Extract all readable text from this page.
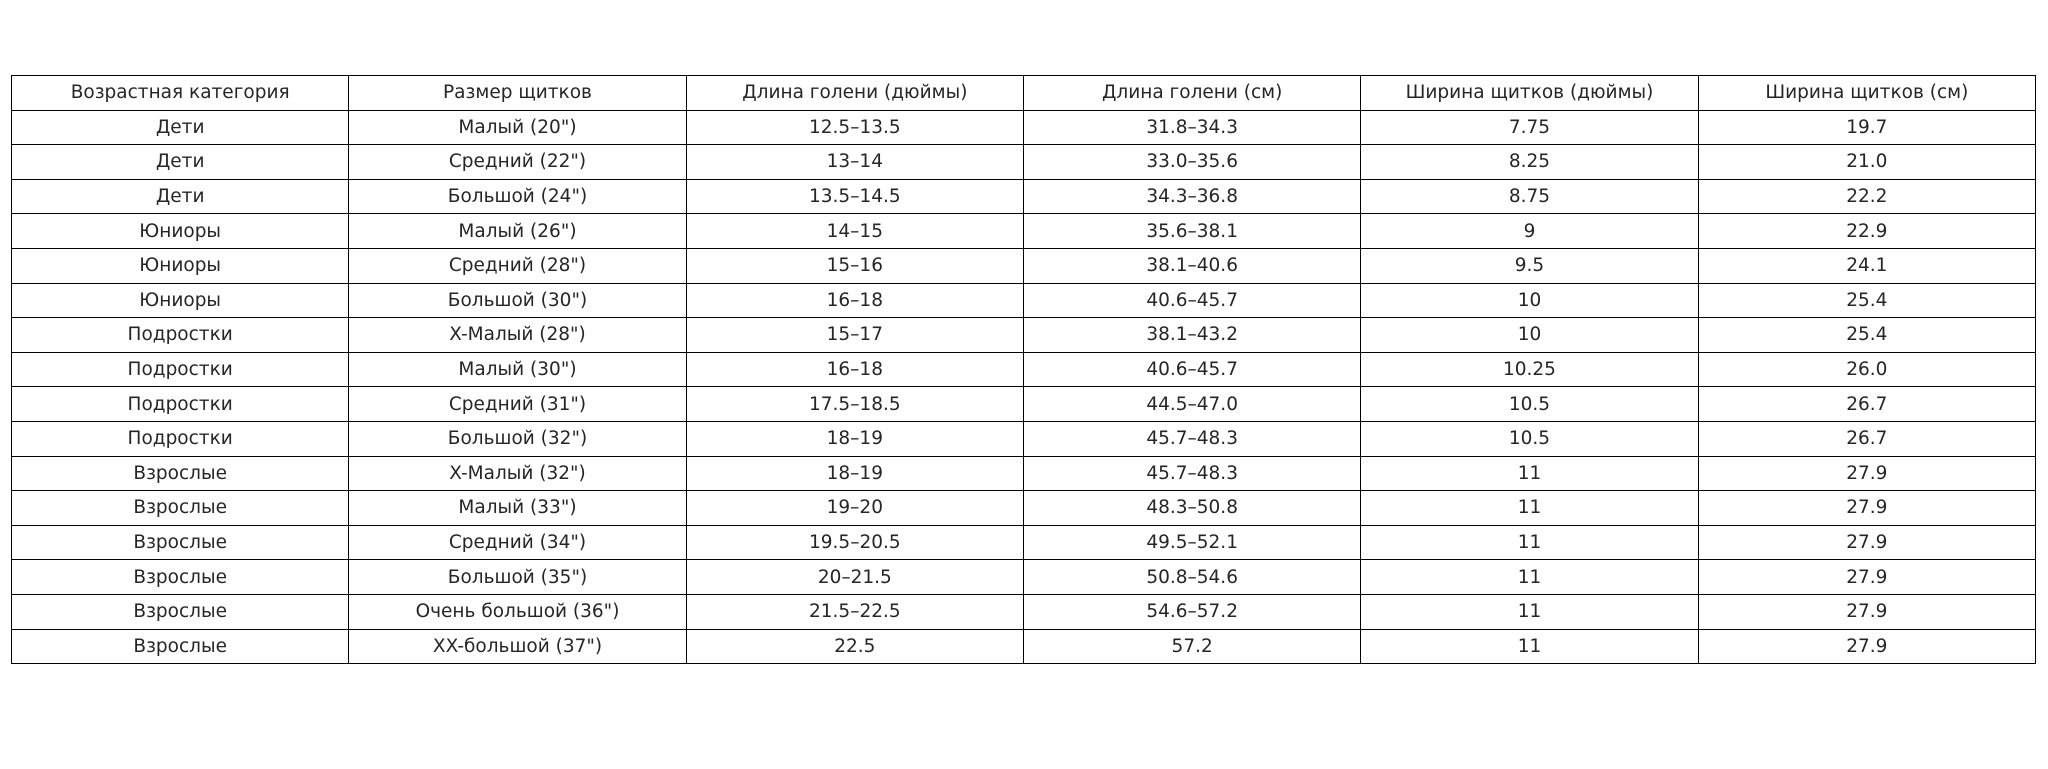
Возрастная категория	Размер щитков	Длина голени (дюймы)	Длина голени (см)	Ширина щитков (дюймы)	Ширина щитков (см)
Дети	Малый (20")	12.5–13.5	31.8–34.3	7.75	19.7
Дети	Средний (22")	13–14	33.0–35.6	8.25	21.0
Дети	Большой (24")	13.5–14.5	34.3–36.8	8.75	22.2
Юниоры	Малый (26")	14–15	35.6–38.1	9	22.9
Юниоры	Средний (28")	15–16	38.1–40.6	9.5	24.1
Юниоры	Большой (30")	16–18	40.6–45.7	10	25.4
Подростки	X-Малый (28")	15–17	38.1–43.2	10	25.4
Подростки	Малый (30")	16–18	40.6–45.7	10.25	26.0
Подростки	Средний (31")	17.5–18.5	44.5–47.0	10.5	26.7
Подростки	Большой (32")	18–19	45.7–48.3	10.5	26.7
Взрослые	X-Малый (32")	18–19	45.7–48.3	11	27.9
Взрослые	Малый (33")	19–20	48.3–50.8	11	27.9
Взрослые	Средний (34")	19.5–20.5	49.5–52.1	11	27.9
Взрослые	Большой (35")	20–21.5	50.8–54.6	11	27.9
Взрослые	Очень большой (36")	21.5–22.5	54.6–57.2	11	27.9
Взрослые	XX-большой (37")	22.5	57.2	11	27.9
